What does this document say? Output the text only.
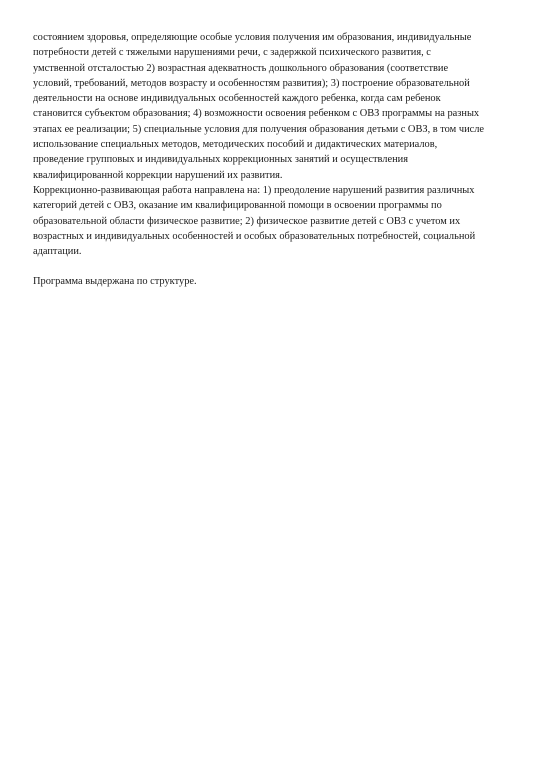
состоянием здоровья, определяющие особые условия получения им образования, индивидуальные
потребности детей с тяжелыми нарушениями речи, с задержкой психического развития, с
умственной отсталостью 2) возрастная адекватность дошкольного образования (соответствие
условий, требований, методов возрасту и особенностям развития); 3) построение образовательной
деятельности на основе индивидуальных особенностей каждого ребенка, когда сам ребенок
становится субъектом образования; 4) возможности освоения ребенком с ОВЗ программы на разных
этапах ее реализации; 5) специальные условия для получения образования детьми с ОВЗ, в том числе
использование специальных методов, методических пособий и дидактических материалов,
проведение групповых и индивидуальных коррекционных занятий и осуществления
квалифицированной коррекции нарушений их развития.
Коррекционно-развивающая работа направлена на: 1) преодоление нарушений развития различных
категорий детей с ОВЗ, оказание им квалифицированной помощи в освоении программы по
образовательной области физическое развитие; 2) физическое развитие детей с ОВЗ с учетом их
возрастных и индивидуальных особенностей и особых образовательных потребностей, социальной
адаптации.
Программа выдержана по структуре.
